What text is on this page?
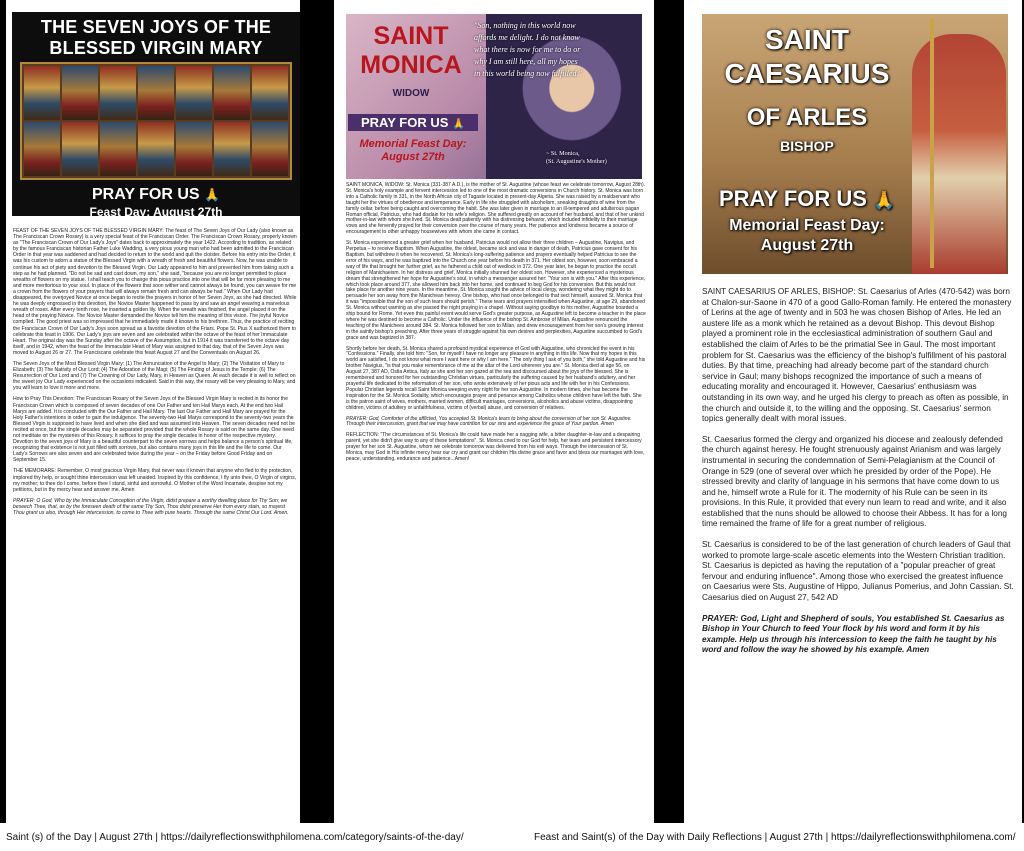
THE SEVEN JOYS OF THE
BLESSED VIRGIN MARY
PRAY FOR US 🙏
Feast Day: August 27th

FEAST OF THE SEVEN JOYS OF THE BLESSED VIRGIN MARY: The feast of The Seven Joys of Our Lady (also known as The Franciscan Crown Rosary) is a very special feast of the Franciscan Order. The Franciscan Crown Rosary, properly known as "The Franciscan Crown of Our Lady's Joys" dates back to approximately the year 1422. According to tradition, as related by the famous Franciscan historian Father Luke Wadding, a very pious young man who had been admitted to the Franciscan Order in that year was saddened and had decided to return to the world and quit the cloister. Before his entry into the Order, it was his custom to adorn a statue of the Blessed Virgin with a wreath of fresh and beautiful flowers. Now, he was unable to continue his act of piety and devotion to the Blessed Virgin. Our Lady appeared to him and prevented him from taking such a step as he had planned. "Do not be sad and cast down, my son," she said, "because you are no longer permitted to place wreaths of flowers on my statue. I shall teach you to change this pious practice into one that will be far more pleasing to me and more meritorious to your soul. In place of the flowers that soon wither and cannot always be found, you can weave for me a crown from the flowers of your prayers that will always remain fresh and can always be had." When Our Lady had disappeared, the overjoyed Novice at once began to recite the prayers in honor of her Seven Joys, as she had directed. While he was deeply engrossed in this devotion, the Novice Master happened to pass by and saw an angel weaving a marvelous wreath of roses. After every tenth rose, he inserted a golden lily. When the wreath was finished, the angel placed it on the head of the praying Novice. The Novice Master demanded the Novice tell him the meaning of this vision. The joyful Novice complied. The good priest was so impressed that he immediately made it known to his brethren. Thus, the practice of reciting the Franciscan Crown of Our Lady's Joys soon spread as a favorite devotion of the Friars. Pope St. Pius X authorized them to celebrate this feast in 1906. Our Lady's joys are seven and are celebrated within the octave of the feast of her Immaculate Heart. The original day was the Sunday after the octave of the Assumption, but in 1914 it was transferred to the octave day itself, and in 1942, when the feast of the Immaculate Heart of Mary was assigned to that day, that of the Seven Joys was moved to August 26 or 27. The Franciscans celebrate this feast August 27 and the Conventuals on August 26.

The Seven Joys of the Most Blessed Virgin Mary: (1) The Annunciation of the Angel to Mary; (2) The Visitation of Mary to Elizabeth; (3) The Nativity of Our Lord; (4) The Adoration of the Magi; (5) The Finding of Jesus in the Temple; (6) The Resurrection of Our Lord and (7) The Crowning of Our Lady, Mary, in Heaven as Queen. At each decade it is well to reflect on the sweet joy Our Lady experienced on the occasions indicated. Said in this way, the rosary will be very pleasing to Mary, and you will learn to love it more and more.

How to Pray This Devotion: The Franciscan Rosary of the Seven Joys of the Blessed Virgin Mary is recited in its honor the Franciscan Crown which is composed of seven decades of one Our Father and ten Hail Marys each. At the end two Hail Marys are added. It is concluded with the Our Father and Hail Mary. The last Our Father and Hail Mary are prayed for the Holy Father's intentions in order to gain the indulgence. The seventy-two Hail Marys correspond to the seventy-two years the Blessed Virgin is supposed to have lived and when she died and was assumed into Heaven. The seven decades need not be recited at once, but the single decades may be separated provided that the whole Rosary is said on the same day. One need not meditate on the mysteries of this Rosary. It suffices to pray the single decades in honor of the respective mystery. Devotion to the seven joys of Mary is a beautiful counterpart to the seven sorrows and helps balance a person's spiritual life, recognizing that existence is not just filled with sorrows, but also contains many joys in this life and the life to come. Our Lady's Sorrows are also seven and are celebrated twice during the year – on the Friday before Good Friday and on September 15.

THE MEMORARE: Remember, O most gracious Virgin Mary, that never was it known that anyone who fled to thy protection, implored thy help, or sought thine intercession was left unaided. Inspired by this confidence, I fly unto thee, O Virgin of virgins, my mother; to thee do I come, before thee I stand, sinful and sorrowful. O Mother of the Word Incarnate, despise not my petitions, but in thy mercy hear and answer me. Amen

PRAYER: O God, Who by the Immaculate Conception of the Virgin, didst prepare a worthy dwelling place for Thy Son; we beseech Thee, that, as by the foreseen death of the same Thy Son, Thou didst preserve Her from every stain, so mayest Thou grant us also, through Her intercession, to come to Thee with pure hearts. Through the same Christ Our Lord. Amen.

SAINT
MONICA
WIDOW
PRAY FOR US 🙏
Memorial Feast Day:
August 27th
"Son, nothing in this world now affords me delight. I do not know what there is now for me to do or why I am still here, all my hopes in this world being now fulfilled."
~ St. Monica,
(St. Augustine's Mother)

SAINT MONICA, WIDOW: St. Monica (331-387 A.D.), is the mother of St. Augustine (whose feast we celebrate tomorrow, August 28th). St. Monica's holy example and fervent intercession led to one of the most dramatic conversions in Church history. St. Monica was born into a Catholic family in 331, in the North African city of Tagaste located in present-day Algeria. She was raised by a maidservant who taught her the virtues of obedience and temperance. Early in life she struggled with alcoholism, sneaking draughts of wine from the family cellar, before being caught and overcoming the habit. She was later given in marriage to an ill-tempered and adulterous pagan Roman official, Patricius, who had disdain for his wife's religion. She suffered greatly on account of her husband, and that of her unkind mother-in-law with whom she lived. St. Monica dealt patiently with his distressing behavior, which included infidelity to their marriage vows and she fervently prayed for their conversion over the course of many years. Her patience and kindness became a source of encouragement to other unhappy housewives with whom she came in contact.

St. Monica experienced a greater grief when her husband, Patricius would not allow their three children – Augustine, Navigius, and Perpetua – to receive Baptism. When Augustine, the oldest, became sick and was in danger of death, Patricius gave consent for his Baptism, but withdrew it when he recovered. St. Monica's long-suffering patience and prayers eventually helped Patricius to see the error of his ways, and he was baptized into the Church one year before his death in 371. Her oldest son, however, soon embraced a way of life that brought her further grief, as he fathered a child out of wedlock in 372. One year later, he began to practice the occult religion of Manichaeism. In her distress and grief, Monica initially shunned her oldest son. However, she experienced a mysterious dream that strengthened her hope for Augustine's soul, in which a messenger assured her: "Your son is with you." After this experience, which took place around 377, she allowed him back into her home, and continued to beg God for his conversion. But this would not take place for another nine years. In the meantime, St. Monica sought the advice of local clergy, wondering what they might do to persuade her son away from the Manichean heresy. One bishop, who had once belonged to that sect himself, assured St. Monica that it was "impossible that the son of such tears should perish." These tears and prayers intensified when Augustine, at age 29, abandoned St. Monica without warning as she passed the night praying in a chapel. Without saying goodbye to his mother, Augustine boarded a ship bound for Rome. Yet even this painful event would serve God's greater purpose, as Augustine left to become a teacher in the place where he was destined to become a Catholic. Under the influence of the bishop St. Ambrose of Milan, Augustine renounced the teaching of the Manichees around 384. St. Monica followed her son to Milan, and drew encouragement from her son's growing interest in the saintly bishop's preaching. After three years of struggle against his own desires and perplexities, Augustine succumbed to God's grace and was baptized in 387.

Shortly before her death, St. Monica shared a profound mystical experience of God with Augustine, who chronicled the event in his "Confessions." Finally, she told him: "Son, for myself I have no longer any pleasure in anything in this life. Now that my hopes in this world are satisfied, I do not know what more I want here or why I am here." The only thing I ask of you both," she told Augustine and his brother Navigius, "is that you make remembrance of me at the altar of the Lord wherever you are." St. Monica died at age 56, on August 27, 387 AD, Ostia Antica, Italy as she and her son gazed at the sea and discoursed about the joys of the blessed. She is remembered and honored for her outstanding Christian virtues, particularly the suffering caused by her husband's adultery, and her prayerful life dedicated to the reformation of her son, who wrote extensively of her pious acts and life with her in his Confessions. Popular Christian legends recall Saint Monica weeping every night for her son Augustine. In modern times, she has become the inspiration for the St. Monica Sodality, which encourages prayer and penance among Catholics whose children have left the faith. She is the patron saint of wives, mothers, married women, difficult marriages, conversions, alcoholics and abuse victims, disappointing children, victims of adultery or unfaithfulness, victims of (verbal) abuse, and conversion of relatives.

PRAYER: God, Comforter of the afflicted, You accepted St. Monica's tears to bring about the conversion of her son St. Augustine. Through their intercession, grant that we may have contrition for our sins and experience the grace of Your pardon. Amen

REFLECTION: "The circumstances of St. Monica's life could have made her a nagging wife, a bitter daughter-in-law and a despairing parent, yet she didn't give way to any of these temptations". St. Monica cried to our God for help, her tears and persistent intercessory prayer for her son St. Augustine, whom we celebrate tomorrow was delivered from his evil ways. Through the intercession of St. Monica, may God in His infinite mercy hear our cry and grant our children His divine grace and favor and bless our marriages with love, peace, understanding, endurance and patience...Amen!

SAINT
CAESARIUS
OF ARLES
BISHOP
PRAY FOR US 🙏
Memorial Feast Day:
August 27th

SAINT CAESARIUS OF ARLES, BISHOP: St. Caesarius of Arles (470-542) was born at Chalon-sur-Saone in 470 of a good Gallo-Roman family. He entered the monastery of Lerins at the age of twenty and in 503 he was chosen Bishop of Arles. He led an austere life as a monk which he retained as a devout Bishop. This devout Bishop played a prominent role in the ecclesiastical administration of southern Gaul and established the claim of Arles to be the primatial See in Gaul. The most important problem for St. Caesarius was the efficiency of the bishop's fulfillment of his pastoral duties. By that time, preaching had already become part of the standard church service in Gaul; many bishops recognized the importance of such a means of educating morality and encouraged it. However, Caesarius' enthusiasm was outstanding in its own way, and he urged his clergy to preach as often as possible, in the church and outside it, to the willing and the opposing. St. Caesarius' sermon topics generally dealt with moral issues.

St. Caesarius formed the clergy and organized his diocese and zealously defended the church against heresy. He fought strenuously against Arianism and was largely instrumental in securing the condemnation of Semi-Pelagianism at the Council of Orange in 529 (one of several over which he presided by order of the Pope). He stressed brevity and clarity of language in his sermons that have come down to us and he, himself wrote a Rule for it. The modernity of his Rule can be seen in its provisions. In this Rule, it provided that every nun learn to read and write, and it also established that the nuns should be allowed to choose their Abbess. It has for a long time remained the frame of life for a great number of religious.

St. Caesarius is considered to be of the last generation of church leaders of Gaul that worked to promote large-scale ascetic elements into the Western Christian tradition. St. Caesarius is depicted as having the reputation of a "popular preacher of great fervour and enduring influence". Among those who exercised the greatest influence on Caesarius were Sts. Augustine of Hippo, Julianus Pomerius, and John Cassian. St. Caesarius died on August 27, 542 AD

PRAYER: God, Light and Shepherd of souls, You established St. Caesarius as Bishop in Your Church to feed Your flock by his word and form it by his example. Help us through his intercession to keep the faith he taught by his word and follow the way he showed by his example. Amen

Saint (s) of the Day | August 27th | https://dailyreflectionswithphilomena.com/category/saints-of-the-day/	Feast and Saint(s) of the Day with Daily Reflections | August 27th | https://dailyreflectionswithphilomena.com/
